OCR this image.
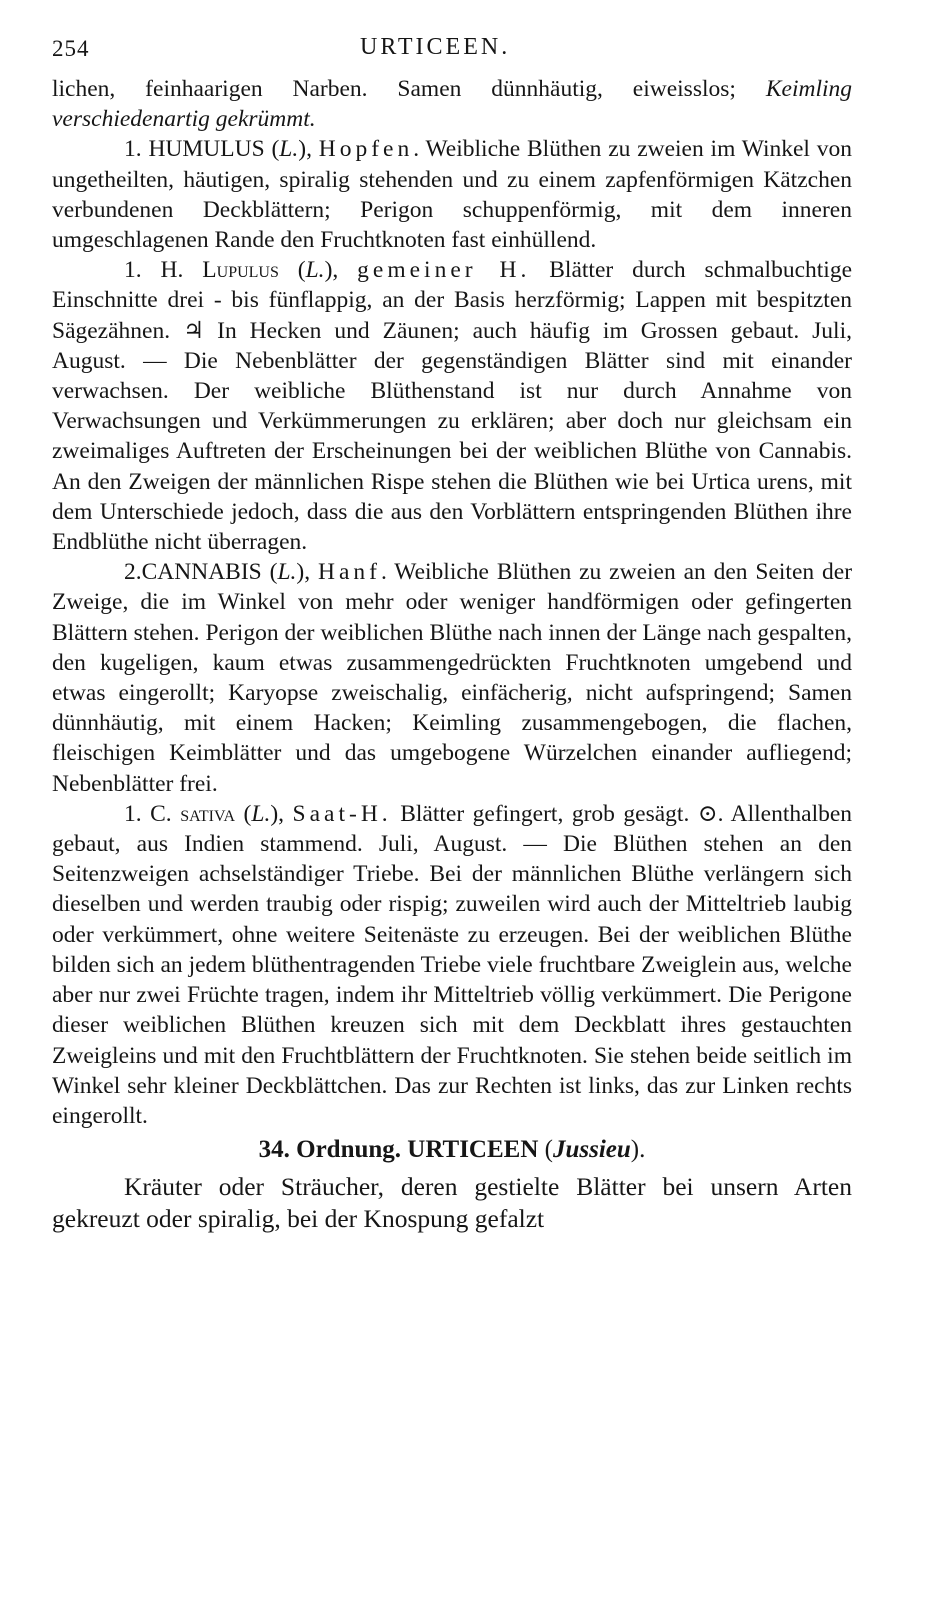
254	URTICEEN.

lichen, feinhaarigen Narben. Samen dünnhäutig, eiweisslos; Keimling verschiedenartig gekrümmt.

1. HUMULUS (L.), Hopfen. Weibliche Blüthen zu zweien im Winkel von ungetheilten, häutigen, spiralig stehenden und zu einem zapfenförmigen Kätzchen verbundenen Deckblättern; Perigon schuppenförmig, mit dem inneren umgeschlagenen Rande den Fruchtknoten fast einhüllend.

1. H. Lupulus (L.), gemeiner H. Blätter durch schmalbuchtige Einschnitte drei - bis fünflappig, an der Basis herzförmig; Lappen mit bespitzten Sägezähnen. ♃ In Hecken und Zäunen; auch häufig im Grossen gebaut. Juli, August. — Die Nebenblätter der gegenständigen Blätter sind mit einander verwachsen. Der weibliche Blüthenstand ist nur durch Annahme von Verwachsungen und Verkümmerungen zu erklären; aber doch nur gleichsam ein zweimaliges Auftreten der Erscheinungen bei der weiblichen Blüthe von Cannabis. An den Zweigen der männlichen Rispe stehen die Blüthen wie bei Urtica urens, mit dem Unterschiede jedoch, dass die aus den Vorblättern entspringenden Blüthen ihre Endblüthe nicht überragen.

2.CANNABIS (L.), Hanf. Weibliche Blüthen zu zweien an den Seiten der Zweige, die im Winkel von mehr oder weniger handförmigen oder gefingerten Blättern stehen. Perigon der weiblichen Blüthe nach innen der Länge nach gespalten, den kugeligen, kaum etwas zusammengedrückten Fruchtknoten umgebend und etwas eingerollt; Karyopse zweischalig, einfächerig, nicht aufspringend; Samen dünnhäutig, mit einem Hacken; Keimling zusammengebogen, die flachen, fleischigen Keimblätter und das umgebogene Würzelchen einander aufliegend; Nebenblätter frei.

1. C. sativa (L.), Saat-H. Blätter gefingert, grob gesägt. ⊙. Allenthalben gebaut, aus Indien stammend. Juli, August. — Die Blüthen stehen an den Seitenzweigen achselständiger Triebe. Bei der männlichen Blüthe verlängern sich dieselben und werden traubig oder rispig; zuweilen wird auch der Mitteltrieb laubig oder verkümmert, ohne weitere Seitenäste zu erzeugen. Bei der weiblichen Blüthe bilden sich an jedem blüthentragenden Triebe viele fruchtbare Zweiglein aus, welche aber nur zwei Früchte tragen, indem ihr Mitteltrieb völlig verkümmert. Die Perigone dieser weiblichen Blüthen kreuzen sich mit dem Deckblatt ihres gestauchten Zweigleins und mit den Fruchtblättern der Fruchtknoten. Sie stehen beide seitlich im Winkel sehr kleiner Deckblättchen. Das zur Rechten ist links, das zur Linken rechts eingerollt.

34. Ordnung. URTICEEN (Jussieu).

Kräuter oder Sträucher, deren gestielte Blätter bei unsern Arten gekreuzt oder spiralig, bei der Knospung gefalzt
